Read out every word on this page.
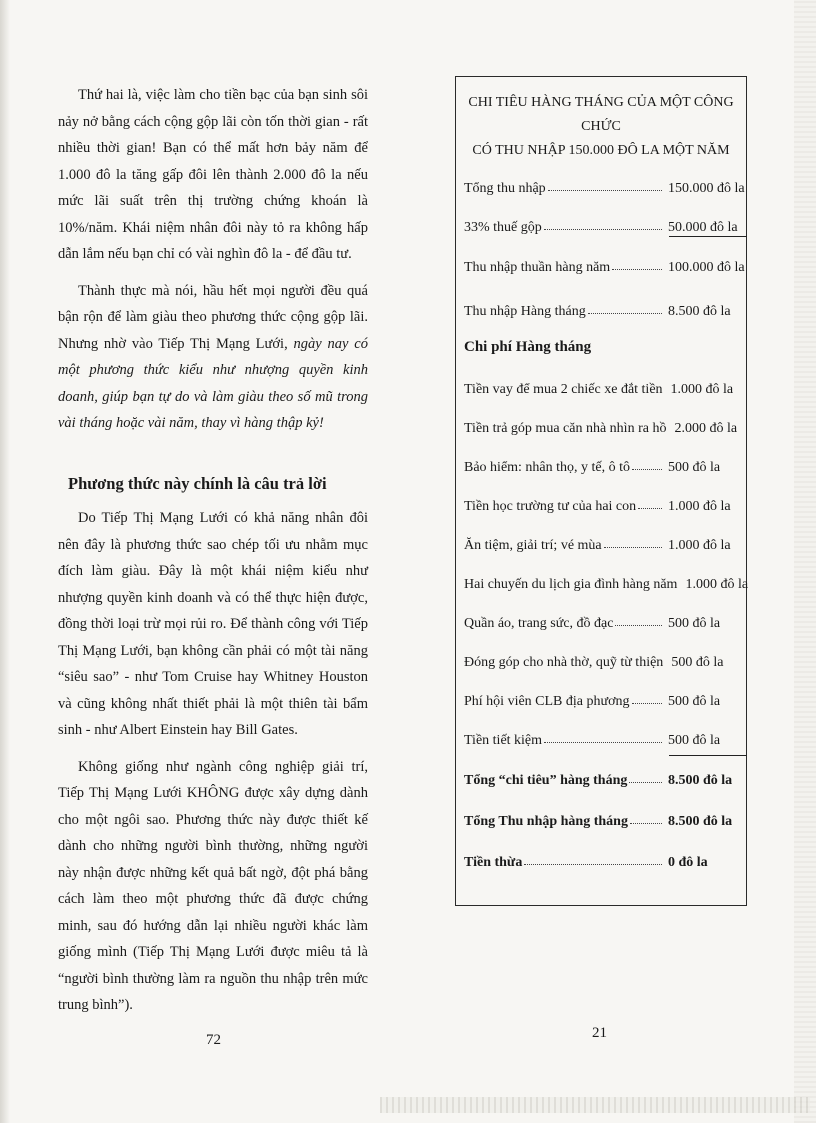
Thứ hai là, việc làm cho tiền bạc của bạn sinh sôi nảy nở bằng cách cộng gộp lãi còn tốn thời gian - rất nhiều thời gian! Bạn có thể mất hơn bảy năm để 1.000 đô la tăng gấp đôi lên thành 2.000 đô la nếu mức lãi suất trên thị trường chứng khoán là 10%/năm. Khái niệm nhân đôi này tỏ ra không hấp dẫn lắm nếu bạn chỉ có vài nghìn đô la - để đầu tư.

Thành thực mà nói, hầu hết mọi người đều quá bận rộn để làm giàu theo phương thức cộng gộp lãi. Nhưng nhờ vào Tiếp Thị Mạng Lưới, ngày nay có một phương thức kiểu như nhượng quyền kinh doanh, giúp bạn tự do và làm giàu theo số mũ trong vài tháng hoặc vài năm, thay vì hàng thập kỷ!

Phương thức này chính là câu trả lời

Do Tiếp Thị Mạng Lưới có khả năng nhân đôi nên đây là phương thức sao chép tối ưu nhằm mục đích làm giàu. Đây là một khái niệm kiểu như nhượng quyền kinh doanh và có thể thực hiện được, đồng thời loại trừ mọi rủi ro. Để thành công với Tiếp Thị Mạng Lưới, bạn không cần phải có một tài năng “siêu sao” - như Tom Cruise hay Whitney Houston và cũng không nhất thiết phải là một thiên tài bẩm sinh - như Albert Einstein hay Bill Gates.

Không giống như ngành công nghiệp giải trí, Tiếp Thị Mạng Lưới KHÔNG được xây dựng dành cho một ngôi sao. Phương thức này được thiết kế dành cho những người bình thường, những người này nhận được những kết quả bất ngờ, đột phá bằng cách làm theo một phương thức đã được chứng minh, sau đó hướng dẫn lại nhiều người khác làm giống mình (Tiếp Thị Mạng Lưới được miêu tả là “người bình thường làm ra nguồn thu nhập trên mức trung bình”).

72
CHI TIÊU HÀNG THÁNG CỦA MỘT CÔNG CHỨC
CÓ THU NHẬP 150.000 ĐÔ LA MỘT NĂM
Tổng thu nhập	150.000 đô la
33% thuế gộp	50.000 đô la
Thu nhập thuần hàng năm	100.000 đô la
Thu nhập Hàng tháng	8.500 đô la
Chi phí Hàng tháng
Tiền vay để mua 2 chiếc xe đắt tiền 1.000 đô la
Tiền trả góp mua căn nhà nhìn ra hồ 2.000 đô la
Bảo hiểm: nhân thọ, y tế, ô tô	500 đô la
Tiền học trường tư của hai con 1.000 đô la
Ăn tiệm, giải trí; vé mùa	1.000 đô la
Hai chuyến du lịch gia đình hàng năm 1.000 đô la
Quần áo, trang sức, đồ đạc	500 đô la
Đóng góp cho nhà thờ, quỹ từ thiện 500 đô la
Phí hội viên CLB địa phương	500 đô la
Tiền tiết kiệm	500 đô la
Tổng “chi tiêu” hàng tháng	8.500 đô la
Tổng Thu nhập hàng tháng	8.500 đô la
Tiền thừa	0 đô la
21
